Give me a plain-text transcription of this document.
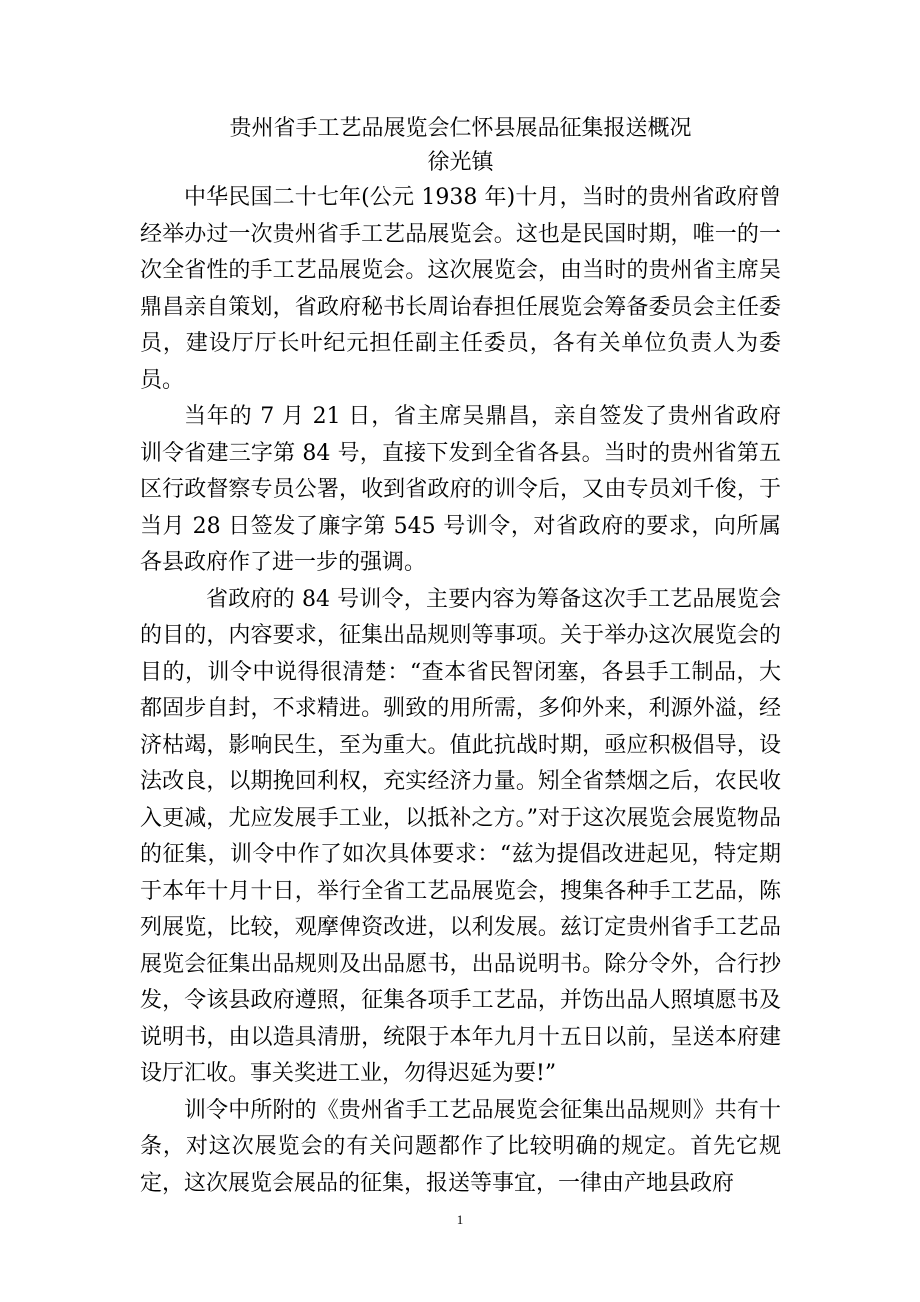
贵州省手工艺品展览会仁怀县展品征集报送概况
徐光镇

中华民国二十七年(公元 1938 年)十月，当时的贵州省政府曾经举办过一次贵州省手工艺品展览会。这也是民国时期，唯一的一次全省性的手工艺品展览会。这次展览会，由当时的贵州省主席吴鼎昌亲自策划，省政府秘书长周诒春担任展览会筹备委员会主任委员，建设厅厅长叶纪元担任副主任委员，各有关单位负责人为委员。

当年的 7 月 21 日，省主席吴鼎昌，亲自签发了贵州省政府训令省建三字第 84 号，直接下发到全省各县。当时的贵州省第五区行政督察专员公署，收到省政府的训令后，又由专员刘千俊，于当月 28 日签发了廉字第 545 号训令，对省政府的要求，向所属各县政府作了进一步的强调。

省政府的 84 号训令，主要内容为筹备这次手工艺品展览会的目的，内容要求，征集出品规则等事项。关于举办这次展览会的目的，训令中说得很清楚：“查本省民智闭塞，各县手工制品，大都固步自封，不求精进。驯致的用所需，多仰外来，利源外溢，经济枯竭，影响民生，至为重大。值此抗战时期，亟应积极倡导，设法改良，以期挽回利权，充实经济力量。矧全省禁烟之后，农民收入更减，尤应发展手工业，以抵补之方。”对于这次展览会展览物品的征集，训令中作了如次具体要求：“兹为提倡改进起见，特定期于本年十月十日，举行全省工艺品展览会，搜集各种手工艺品，陈列展览，比较，观摩俾资改进，以利发展。兹订定贵州省手工艺品展览会征集出品规则及出品愿书，出品说明书。除分令外，合行抄发，令该县政府遵照，征集各项手工艺品，并饬出品人照填愿书及说明书，由以造具清册，统限于本年九月十五日以前，呈送本府建设厅汇收。事关奖进工业，勿得迟延为要!”

训令中所附的《贵州省手工艺品展览会征集出品规则》共有十条，对这次展览会的有关问题都作了比较明确的规定。首先它规定，这次展览会展品的征集，报送等事宜，一律由产地县政府

1
